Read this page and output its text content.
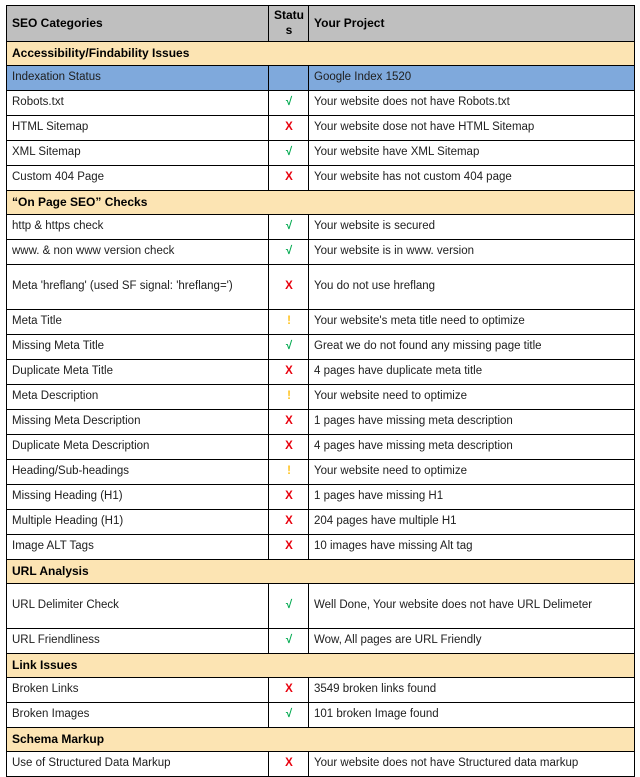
SEO Categories	Status	Your Project
Accessibility/Findability Issues		
Indexation Status		Google Index 1520
Robots.txt	√	Your website does not have Robots.txt
HTML Sitemap	X	Your website dose not have HTML Sitemap
XML Sitemap	√	Your website have XML Sitemap
Custom 404 Page	X	Your website has not custom 404 page
“On Page SEO” Checks		
http & https check	√	Your website is secured
www. & non www version check	√	Your website is in www. version
Meta 'hreflang' (used SF signal: 'hreflang=')	X	You do not use hreflang
Meta Title	!	Your website's meta title need to optimize
Missing Meta Title	√	Great we do not found any missing page title
Duplicate Meta Title	X	4 pages have duplicate meta title
Meta Description	!	Your website need to optimize
Missing Meta Description	X	1 pages have missing meta description
Duplicate Meta Description	X	4 pages have missing meta description
Heading/Sub-headings	!	Your website need to optimize
Missing Heading (H1)	X	1 pages have missing H1
Multiple Heading (H1)	X	204 pages have multiple H1
Image ALT Tags	X	10 images have missing Alt tag
URL Analysis		
URL Delimiter Check	√	Well Done, Your website does not have URL Delimeter
URL Friendliness	√	Wow, All pages are URL Friendly
Link Issues		
Broken Links	X	3549 broken links found
Broken Images	√	101 broken Image found
Schema Markup		
Use of Structured Data Markup	X	Your website does not have Structured data markup
